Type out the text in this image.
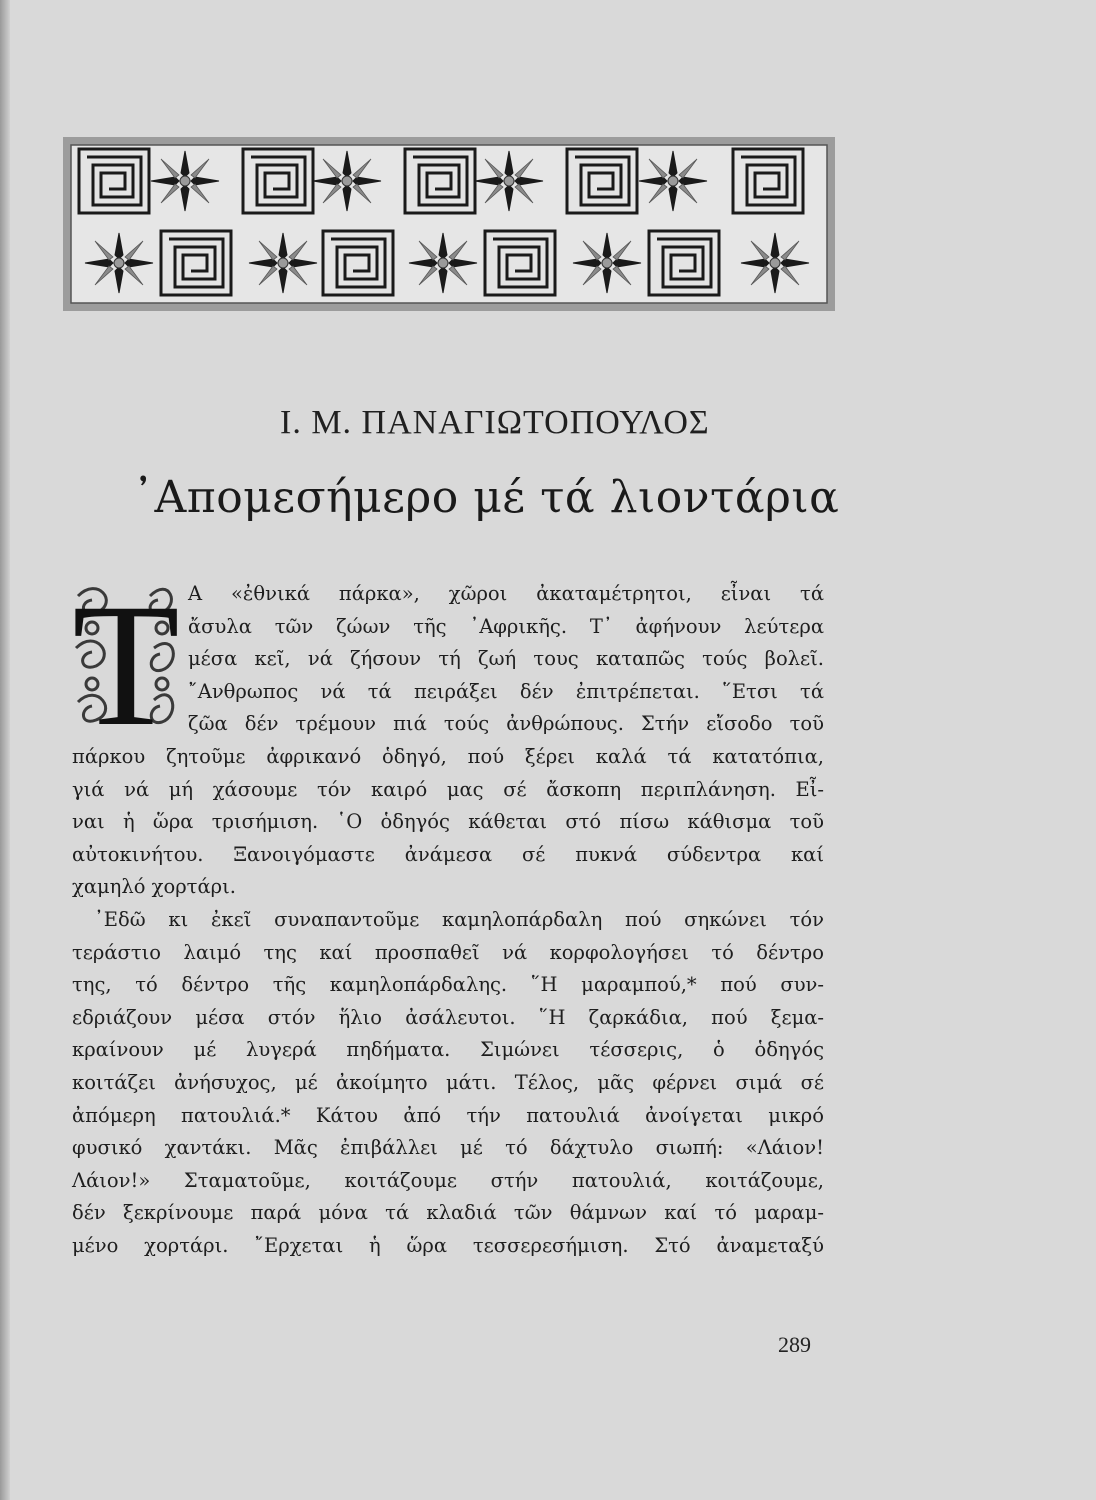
Ι. Μ. ΠΑΝΑΓΙΩΤΟΠΟΥΛΟΣ
᾿Απομεσήμερο μέ τά λιοντάρια
Τ Α «ἐθνικά πάρκα», χῶροι ἀκαταμέτρητοι, εἶναι τά
ἄσυλα τῶν ζώων τῆς ᾿Αφρικῆς. Τ᾿ ἀφήνουν λεύτερα
μέσα κεῖ, νά ζήσουν τή ζωή τους καταπῶς τούς βολεῖ.
῎Ανθρωπος νά τά πειράξει δέν ἐπιτρέπεται. ῞Ετσι τά
ζῶα δέν τρέμουν πιά τούς ἀνθρώπους. Στήν εἴσοδο τοῦ
πάρκου ζητοῦμε ἀφρικανό ὁδηγό, πού ξέρει καλά τά κατατόπια,
γιά νά μή χάσουμε τόν καιρό μας σέ ἄσκοπη περιπλάνηση. Εἶ-
ναι ἡ ὥρα τρισήμιση. ῾Ο ὁδηγός κάθεται στό πίσω κάθισμα τοῦ
αὐτοκινήτου. Ξανοιγόμαστε ἀνάμεσα σέ πυκνά σύδεντρα καί
χαμηλό χορτάρι.
᾿Εδῶ κι ἐκεῖ συναπαντοῦμε καμηλοπάρδαλη πού σηκώνει τόν
τεράστιο λαιμό της καί προσπαθεῖ νά κορφολογήσει τό δέντρο
της, τό δέντρο τῆς καμηλοπάρδαλης. ῞Η μαραμπού,* πού συν-
εδριάζουν μέσα στόν ἥλιο ἀσάλευτοι. ῞Η ζαρκάδια, πού ξεμα-
κραίνουν μέ λυγερά πηδήματα. Σιμώνει τέσσερις, ὁ ὁδηγός
κοιτάζει ἀνήσυχος, μέ ἀκοίμητο μάτι. Τέλος, μᾶς φέρνει σιμά σέ
ἀπόμερη πατουλιά.* Κάτου ἀπό τήν πατουλιά ἀνοίγεται μικρό
φυσικό χαντάκι. Μᾶς ἐπιβάλλει μέ τό δάχτυλο σιωπή: «Λάιον!
Λάιον!» Σταματοῦμε, κοιτάζουμε στήν πατουλιά, κοιτάζουμε,
δέν ξεκρίνουμε παρά μόνα τά κλαδιά τῶν θάμνων καί τό μαραμ-
μένο χορτάρι. ῎Ερχεται ἡ ὥρα τεσσερεσήμιση. Στό ἀναμεταξύ
289
